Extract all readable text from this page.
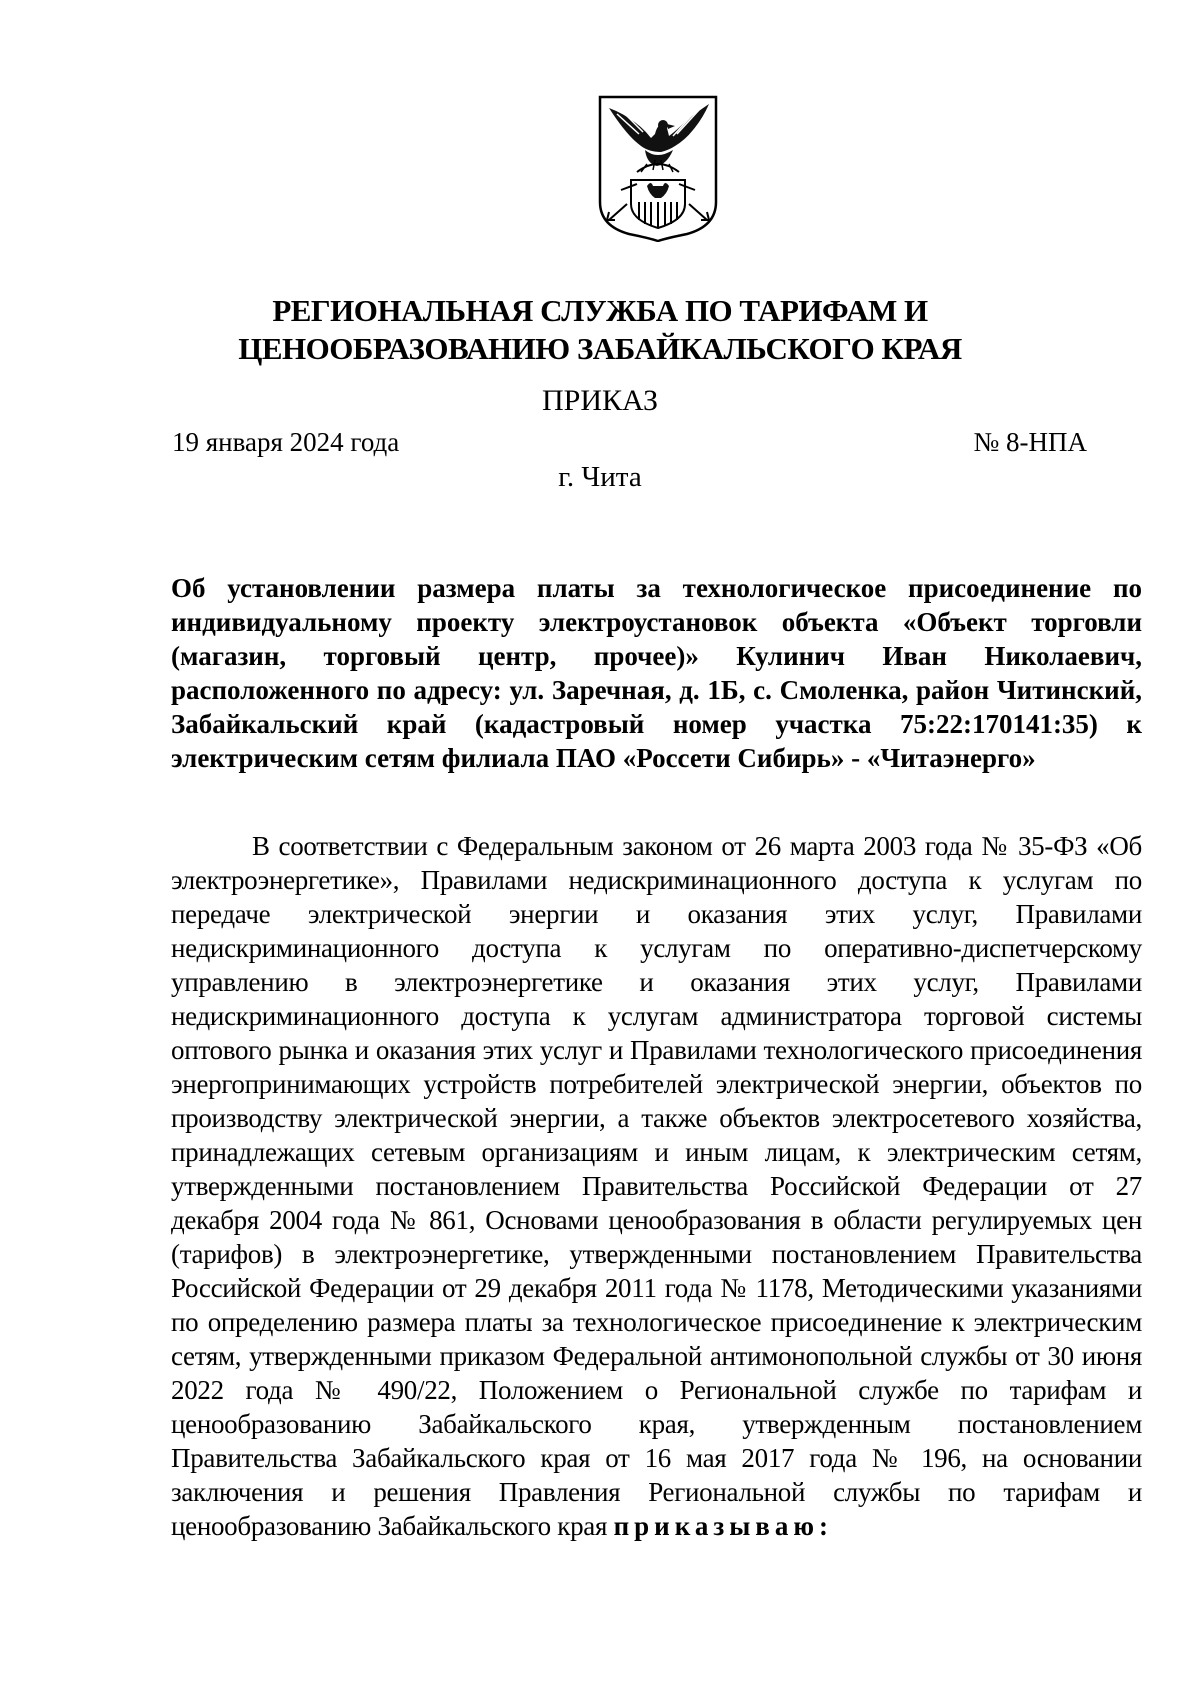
РЕГИОНАЛЬНАЯ СЛУЖБА ПО ТАРИФАМ И
ЦЕНООБРАЗОВАНИЮ ЗАБАЙКАЛЬСКОГО КРАЯ
ПРИКАЗ
19 января 2024 года	№ 8-НПА
г. Чита
Об установлении размера платы за технологическое присоединение по индивидуальному проекту электроустановок объекта «Объект торговли (магазин, торговый центр, прочее)» Кулинич Иван Николаевич, расположенного по адресу: ул. Заречная, д. 1Б, с. Смоленка, район Читинский, Забайкальский край (кадастровый номер участка 75:22:170141:35) к электрическим сетям филиала ПАО «Россети Сибирь» - «Читаэнерго»
В соответствии с Федеральным законом от 26 марта 2003 года № 35-ФЗ «Об электроэнергетике», Правилами недискриминационного доступа к услугам по передаче электрической энергии и оказания этих услуг, Правилами недискриминационного доступа к услугам по оперативно-диспетчерскому управлению в электроэнергетике и оказания этих услуг, Правилами недискриминационного доступа к услугам администратора торговой системы оптового рынка и оказания этих услуг и Правилами технологического присоединения энергопринимающих устройств потребителей электрической энергии, объектов по производству электрической энергии, а также объектов электросетевого хозяйства, принадлежащих сетевым организациям и иным лицам, к электрическим сетям, утвержденными постановлением Правительства Российской Федерации от 27 декабря 2004 года № 861, Основами ценообразования в области регулируемых цен (тарифов) в электроэнергетике, утвержденными постановлением Правительства Российской Федерации от 29 декабря 2011 года № 1178, Методическими указаниями по определению размера платы за технологическое присоединение к электрическим сетям, утвержденными приказом Федеральной антимонопольной службы от 30 июня 2022 года № 490/22, Положением о Региональной службе по тарифам и ценообразованию Забайкальского края, утвержденным постановлением Правительства Забайкальского края от 16 мая 2017 года № 196, на основании заключения и решения Правления Региональной службы по тарифам и ценообразованию Забайкальского края приказываю:
